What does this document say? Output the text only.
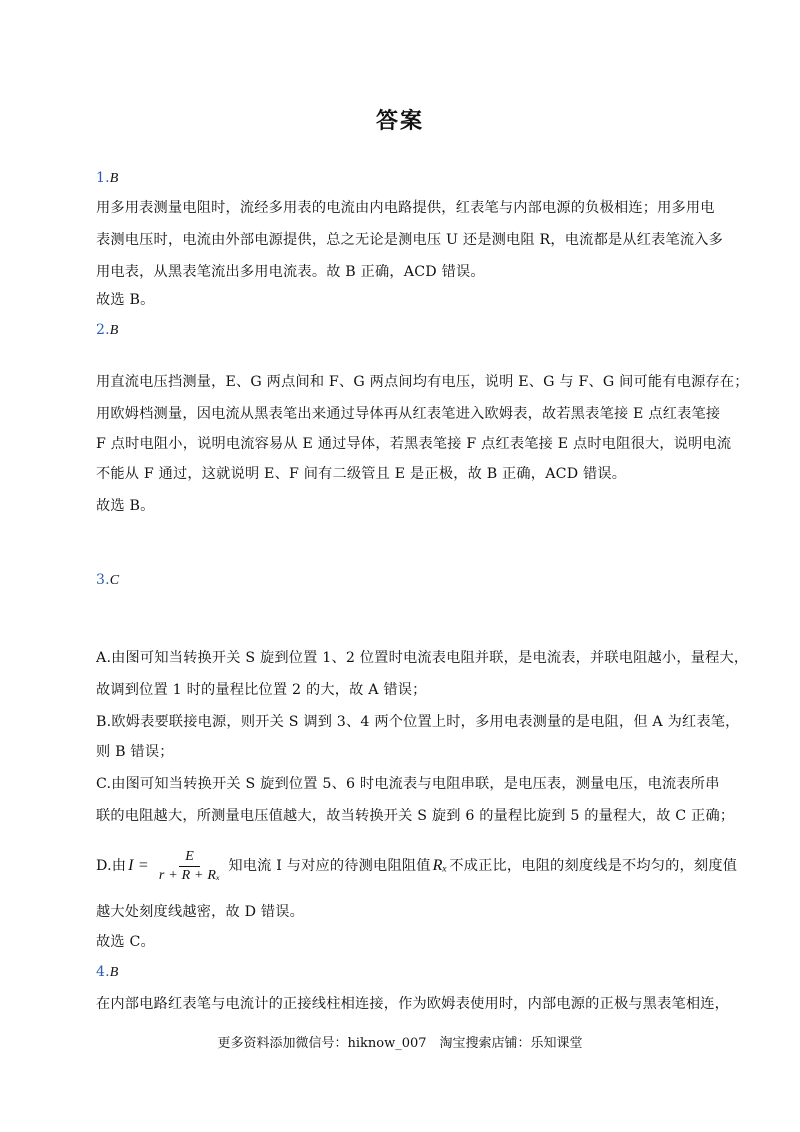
答案
1.B
用多用表测量电阻时，流经多用表的电流由内电路提供，红表笔与内部电源的负极相连；用多用电
表测电压时，电流由外部电源提供，总之无论是测电压 U 还是测电阻 R，电流都是从红表笔流入多
用电表，从黑表笔流出多用电流表。故 B 正确，ACD 错误。
故选 B。
2.B
用直流电压挡测量，E、G 两点间和 F、G 两点间均有电压，说明 E、G 与 F、G 间可能有电源存在；
用欧姆档测量，因电流从黑表笔出来通过导体再从红表笔进入欧姆表，故若黑表笔接 E 点红表笔接
F 点时电阻小，说明电流容易从 E 通过导体，若黑表笔接 F 点红表笔接 E 点时电阻很大，说明电流
不能从 F 通过，这就说明 E、F 间有二级管且 E 是正极，故 B 正确，ACD 错误。
故选 B。
3.C
A.由图可知当转换开关 S 旋到位置 1、2 位置时电流表电阻并联，是电流表，并联电阻越小，量程大，
故调到位置 1 时的量程比位置 2 的大，故 A 错误；
B.欧姆表要联接电源，则开关 S 调到 3、4 两个位置上时，多用电表测量的是电阻，但 A 为红表笔，
则 B 错误；
C.由图可知当转换开关 S 旋到位置 5、6 时电流表与电阻串联，是电压表，测量电压，电流表所串
联的电阻越大，所测量电压值越大，故当转换开关 S 旋到 6 的量程比旋到 5 的量程大，故 C 正确；
D.由 $I = \frac{E}{\text{r + R + Rₓ}}$ 知电流 I 与对应的待测电阻阻值 Rₓ 不成正比，电阻的刻度线是不均匀的，刻度值
越大处刻度线越密，故 D 错误。
故选 C。
4.B
在内部电路红表笔与电流计的正接线柱相连接，作为欧姆表使用时，内部电源的正极与黑表笔相连，
更多资料添加微信号：hiknow_007　淘宝搜索店铺：乐知课堂
